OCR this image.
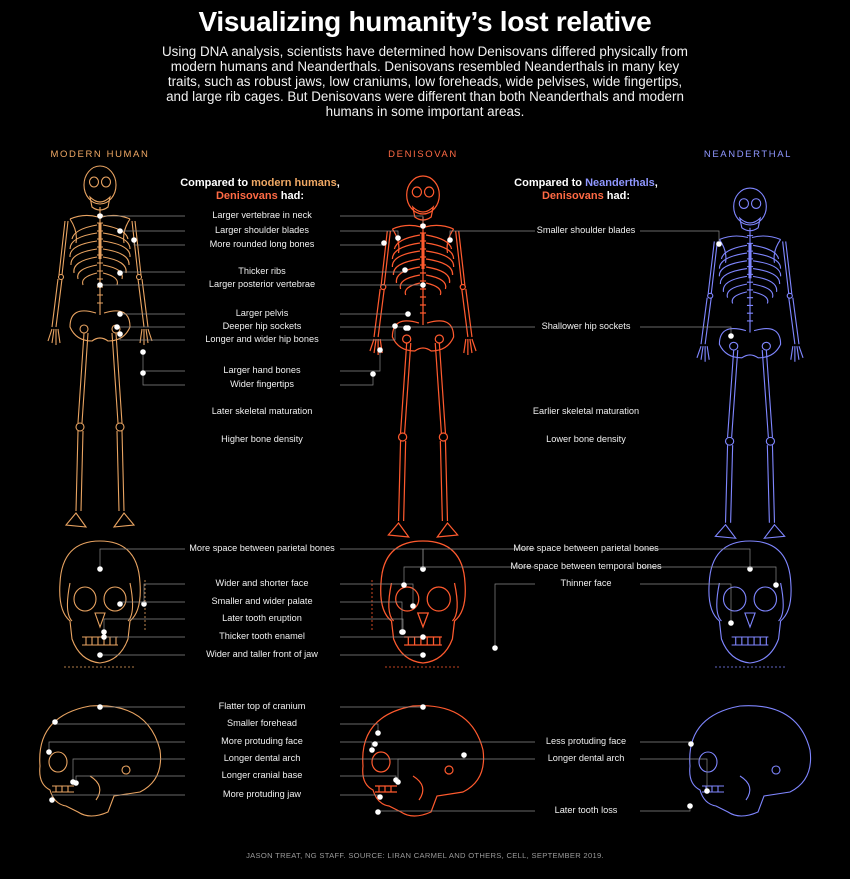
Visualizing humanity’s lost relative
Using DNA analysis, scientists have determined how Denisovans differed physically from modern humans and Neanderthals. Denisovans resembled Neanderthals in many key traits, such as robust jaws, low craniums, low foreheads, wide pelvises, wide fingertips, and large rib cages. But Denisovans were different than both Neanderthals and modern humans in some important areas.
MODERN HUMAN	DENISOVAN	NEANDERTHAL
Compared to modern humans,
Denisovans had:
Compared to Neanderthals,
Denisovans had:
Larger vertebrae in neck
Larger shoulder blades
More rounded long bones
Thicker ribs
Larger posterior vertebrae
Larger pelvis
Deeper hip sockets
Longer and wider hip bones
Larger hand bones
Wider fingertips
Later skeletal maturation
Higher bone density
Smaller shoulder blades
Shallower hip sockets
Earlier skeletal maturation
Lower bone density
More space between parietal bones
Wider and shorter face
Smaller and wider palate
Later tooth eruption
Thicker tooth enamel
Wider and taller front of jaw
More space between parietal bones
More space between temporal bones
Thinner face
Flatter top of cranium
Smaller forehead
More protuding face
Longer dental arch
Longer cranial base
More protuding jaw
Less protuding face
Longer dental arch
Later tooth loss
JASON TREAT, NG STAFF. SOURCE: LIRAN CARMEL AND OTHERS, CELL, SEPTEMBER 2019.
